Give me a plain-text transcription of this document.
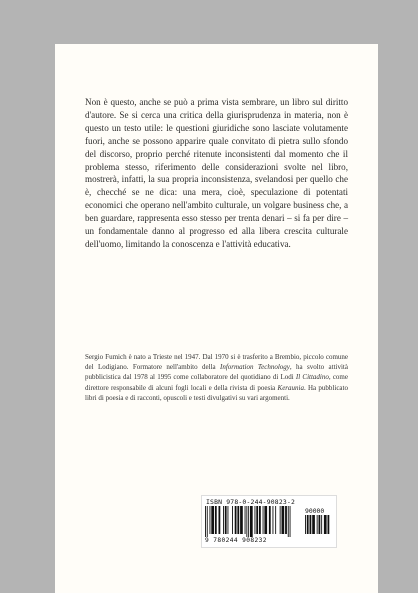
Non è questo, anche se può a prima vista sembrare, un libro sul diritto d'autore. Se si cerca una critica della giurisprudenza in materia, non è questo un testo utile: le questioni giuridiche sono lasciate volutamente fuori, anche se possono apparire quale convitato di pietra sullo sfondo del discorso, proprio perché ritenute inconsistenti dal momento che il problema stesso, riferimento delle considerazioni svolte nel libro, mostrerà, infatti, la sua propria inconsistenza, svelandosi per quello che è, checché se ne dica: una mera, cioè, speculazione di potentati economici che operano nell'ambito culturale, un volgare business che, a ben guardare, rappresenta esso stesso per trenta denari – si fa per dire – un fondamentale danno al progresso ed alla libera crescita culturale dell'uomo, limitando la conoscenza e l'attività educativa.

Sergio Fumich è nato a Trieste nel 1947. Dal 1970 si è trasferito a Brembio, piccolo comune del Lodigiano. Formatore nell'ambito della Information Technology, ha svolto attività pubblicistica dal 1978 al 1995 come collaboratore del quotidiano di Lodi Il Cittadino, come direttore responsabile di alcuni fogli locali e della rivista di poesia Keraunia. Ha pubblicato libri di poesia e di racconti, opuscoli e testi divulgativi su vari argomenti.

ISBN 978-0-244-90823-2
90000
9 780244 908232
